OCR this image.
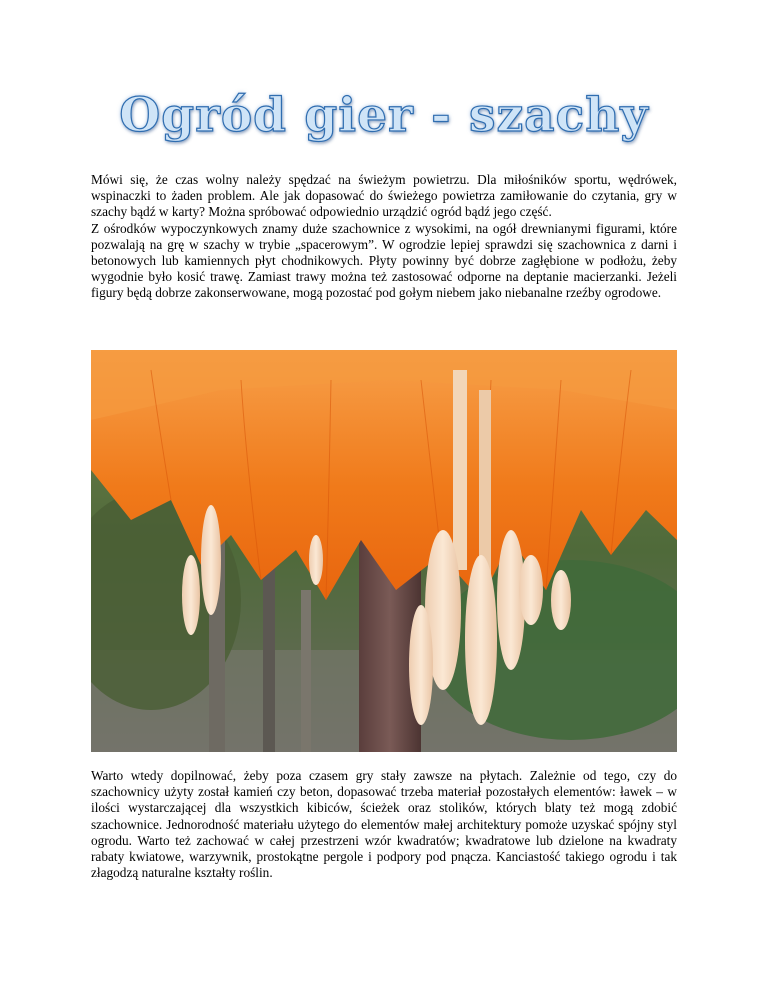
Ogród gier - szachy
Mówi się, że czas wolny należy spędzać na świeżym powietrzu. Dla miłośników sportu, wędrówek, wspinaczki to żaden problem. Ale jak dopasować do świeżego powietrza zamiłowanie do czytania, gry w szachy bądź w karty? Można spróbować odpowiednio urządzić ogród bądź jego część.
Z ośrodków wypoczynkowych znamy duże szachownice z wysokimi, na ogół drewnianymi figurami, które pozwalają na grę w szachy w trybie „spacerowym”. W ogrodzie lepiej sprawdzi się szachownica z darni i betonowych lub kamiennych płyt chodnikowych. Płyty powinny być dobrze zagłębione w podłożu, żeby wygodnie było kosić trawę. Zamiast trawy można też zastosować odporne na deptanie macierzanki. Jeżeli figury będą dobrze zakonserwowane, mogą pozostać pod gołym niebem jako niebanalne rzeźby ogrodowe.

Warto wtedy dopilnować, żeby poza czasem gry stały zawsze na płytach. Zależnie od tego, czy do szachownicy użyty został kamień czy beton, dopasować trzeba materiał pozostałych elementów: ławek – w ilości wystarczającej dla wszystkich kibiców, ścieżek oraz stolików, których blaty też mogą zdobić szachownice. Jednorodność materiału użytego do elementów małej architektury pomoże uzyskać spójny styl ogrodu. Warto też zachować w całej przestrzeni wzór kwadratów; kwadratowe lub dzielone na kwadraty rabaty kwiatowe, warzywnik, prostokątne pergole i podpory pod pnącza. Kanciastość takiego ogrodu i tak złagodzą naturalne kształty roślin.
